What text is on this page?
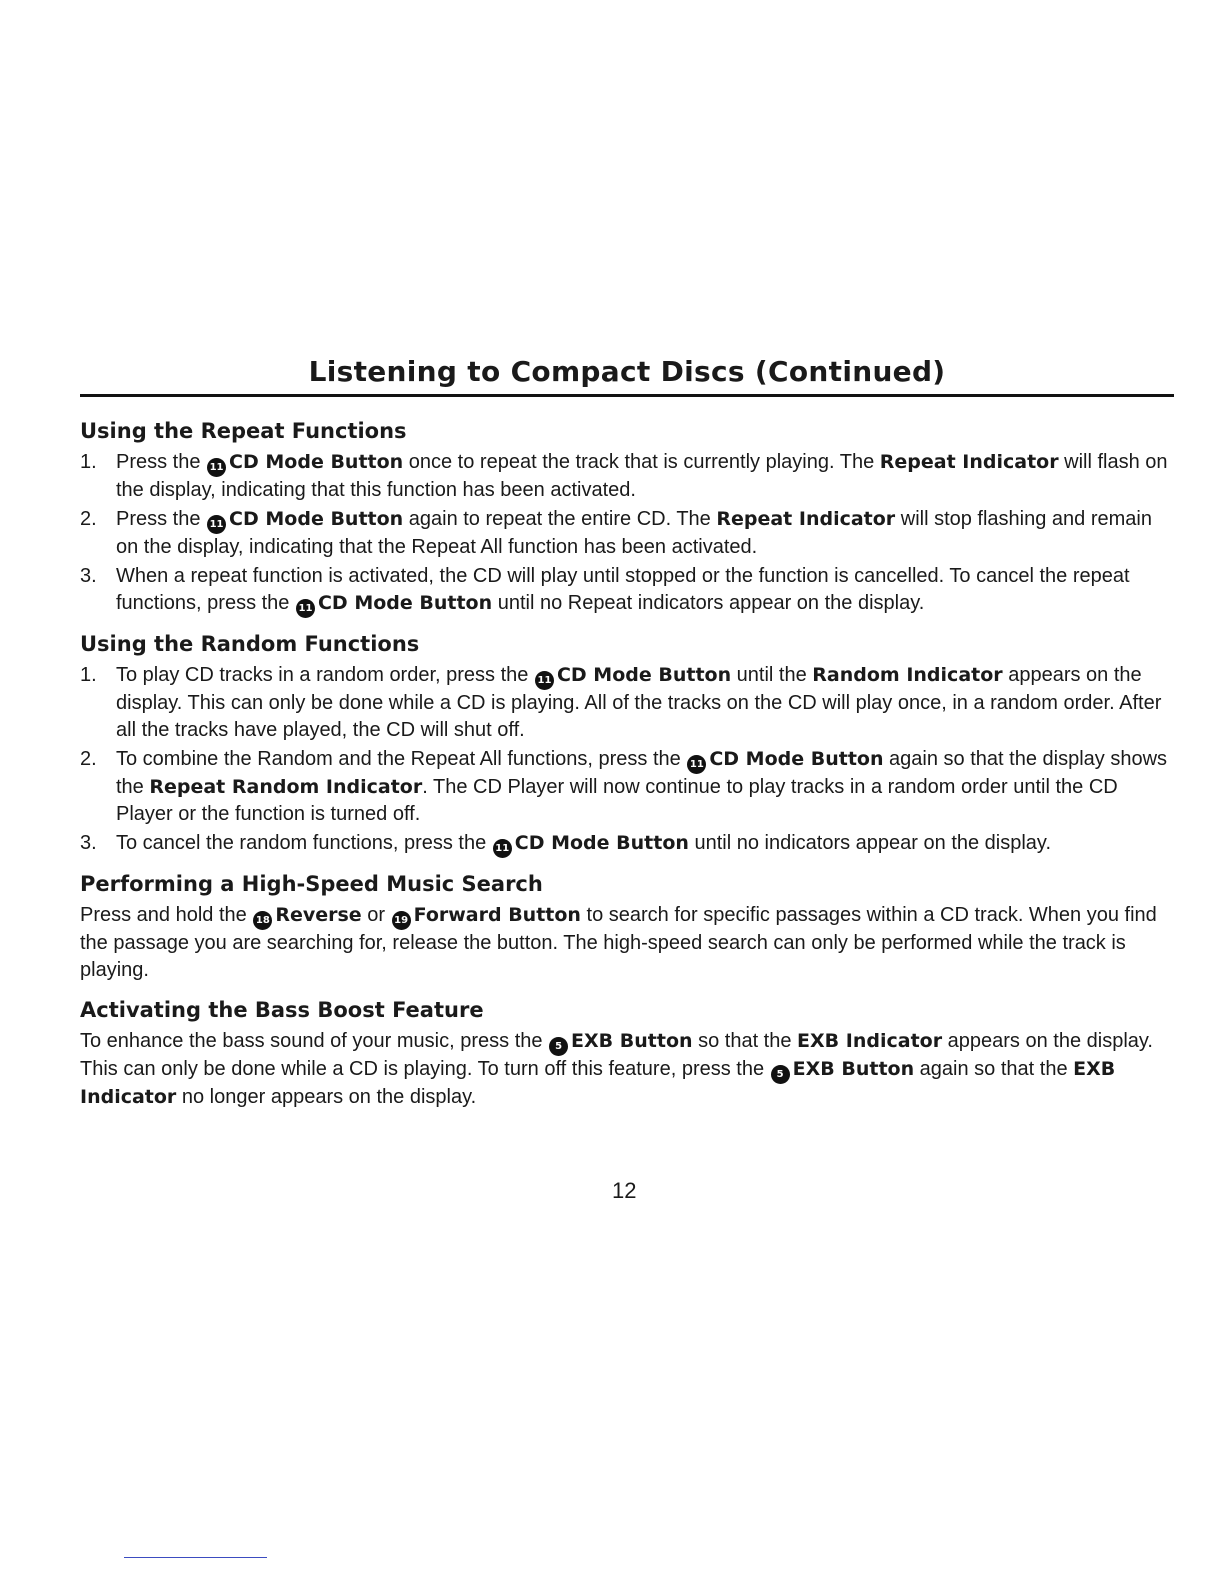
Listening to Compact Discs (Continued)
Using the Repeat Functions
1. Press the 11 CD Mode Button once to repeat the track that is currently playing. The Repeat Indicator will flash on the display, indicating that this function has been activated.
2. Press the 11 CD Mode Button again to repeat the entire CD. The Repeat Indicator will stop flashing and remain on the display, indicating that the Repeat All function has been activated.
3. When a repeat function is activated, the CD will play until stopped or the function is cancelled. To cancel the repeat functions, press the 11 CD Mode Button until no Repeat indicators appear on the display.
Using the Random Functions
1. To play CD tracks in a random order, press the 11 CD Mode Button until the Random Indicator appears on the display. This can only be done while a CD is playing. All of the tracks on the CD will play once, in a random order. After all the tracks have played, the CD will shut off.
2. To combine the Random and the Repeat All functions, press the 11 CD Mode Button again so that the display shows the Repeat Random Indicator. The CD Player will now continue to play tracks in a random order until the CD Player or the function is turned off.
3. To cancel the random functions, press the 11 CD Mode Button until no indicators appear on the display.
Performing a High-Speed Music Search

Press and hold the 18 Reverse or 19 Forward Button to search for specific passages within a CD track. When you find the passage you are searching for, release the button. The high-speed search can only be performed while the track is playing.

Activating the Bass Boost Feature

To enhance the bass sound of your music, press the 5 EXB Button so that the EXB Indicator appears on the display. This can only be done while a CD is playing. To turn off this feature, press the 5 EXB Button again so that the EXB Indicator no longer appears on the display.

12
